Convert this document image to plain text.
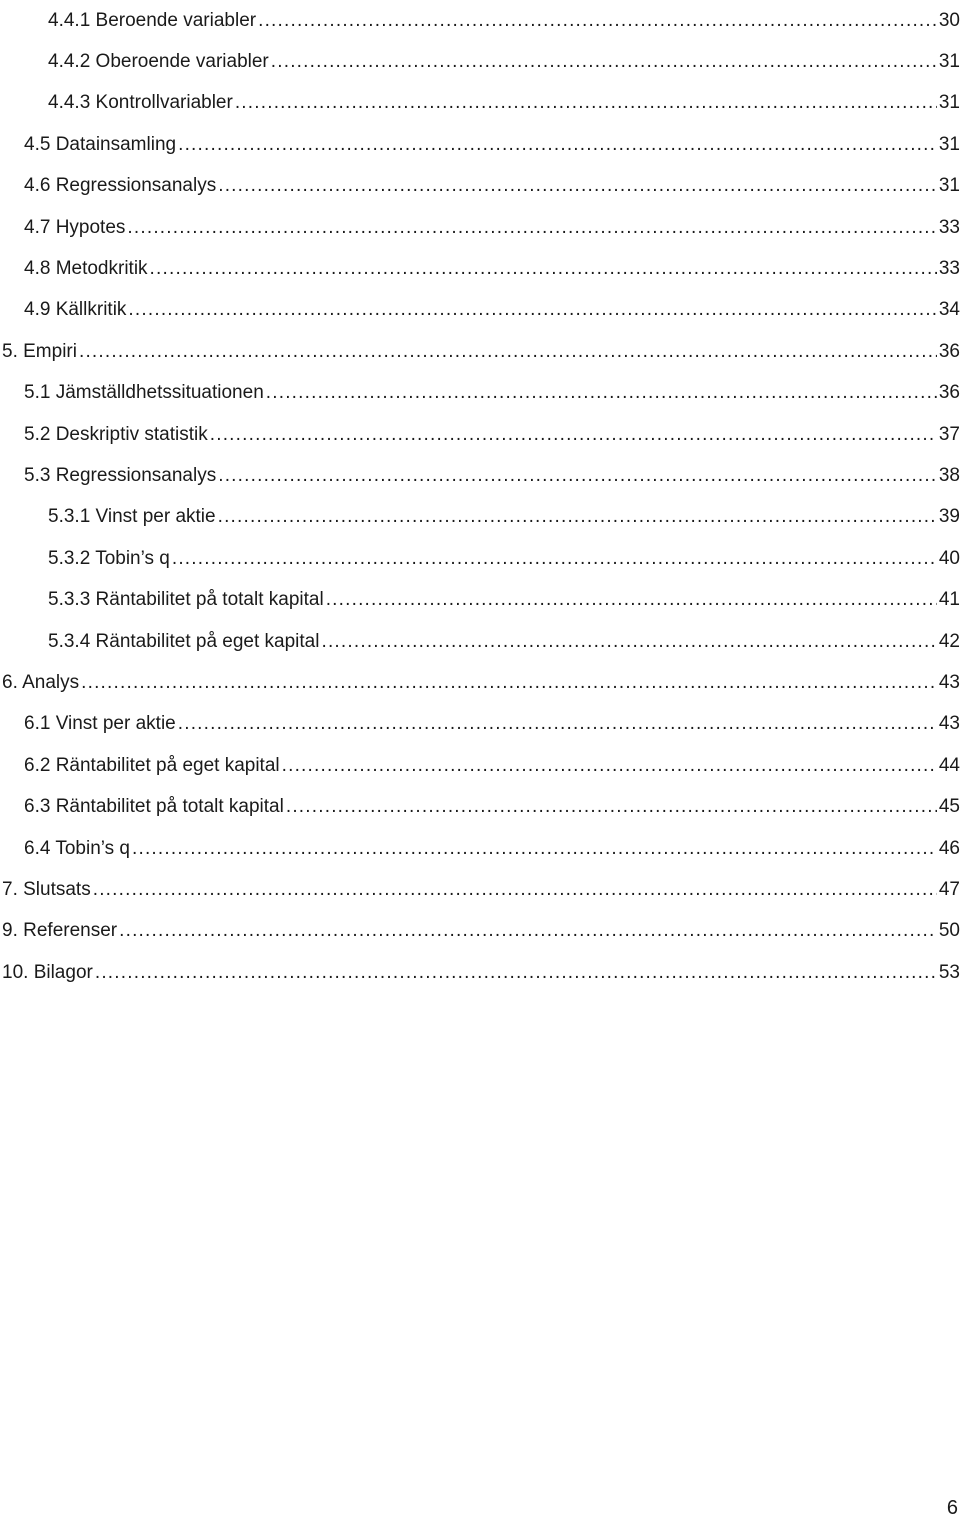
4.4.1 Beroende variabler .....	30
4.4.2 Oberoende variabler .....	31
4.4.3 Kontrollvariabler .....	31
4.5 Datainsamling .....	31
4.6 Regressionsanalys .....	31
4.7 Hypotes .....	33
4.8 Metodkritik .....	33
4.9 Källkritik .....	34
5. Empiri .....	36
5.1 Jämställdhetssituationen .....	36
5.2 Deskriptiv statistik .....	37
5.3 Regressionsanalys .....	38
5.3.1 Vinst per aktie .....	39
5.3.2 Tobin’s q .....	40
5.3.3 Räntabilitet på totalt kapital .....	41
5.3.4 Räntabilitet på eget kapital .....	42
6. Analys .....	43
6.1 Vinst per aktie .....	43
6.2 Räntabilitet på eget kapital .....	44
6.3 Räntabilitet på totalt kapital .....	45
6.4 Tobin’s q .....	46
7. Slutsats .....	47
9. Referenser .....	50
10. Bilagor .....	53
6
